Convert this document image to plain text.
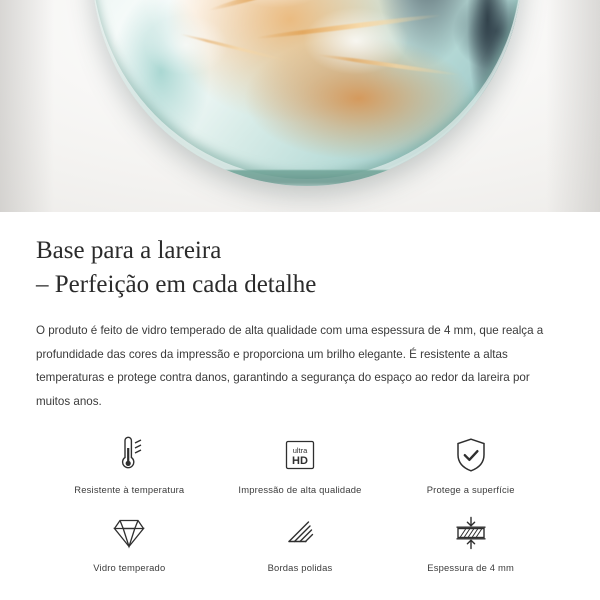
Base para a lareira
– Perfeição em cada detalhe

O produto é feito de vidro temperado de alta qualidade com uma espessura de 4 mm, que realça a profundidade das cores da impressão e proporciona um brilho elegante. É resistente a altas temperaturas e protege contra danos, garantindo a segurança do espaço ao redor da lareira por muitos anos.

Resistente à temperatura
ultra
HD
Impressão de alta qualidade	Protege a superfície
Vidro temperado	Bordas polidas	Espessura de 4 mm
